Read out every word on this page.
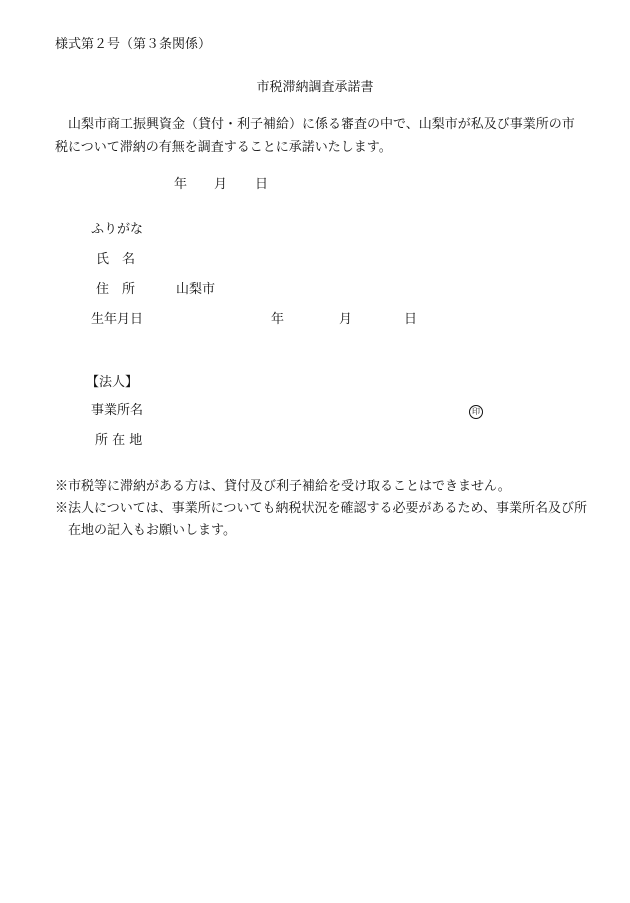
様式第２号（第３条関係）
市税滞納調査承諾書
山梨市商工振興資金（貸付・利子補給）に係る審査の中で、山梨市が私及び事業所の市税について滞納の有無を調査することに承諾いたします。
年 月 日
ふりがな
氏　名
住　所	山梨市
生年月日	年	月	日
【法人】
事業所名	印
所 在 地
※市税等に滞納がある方は、貸付及び利子補給を受け取ることはできません。
※法人については、事業所についても納税状況を確認する必要があるため、事業所名及び所在地の記入もお願いします。
